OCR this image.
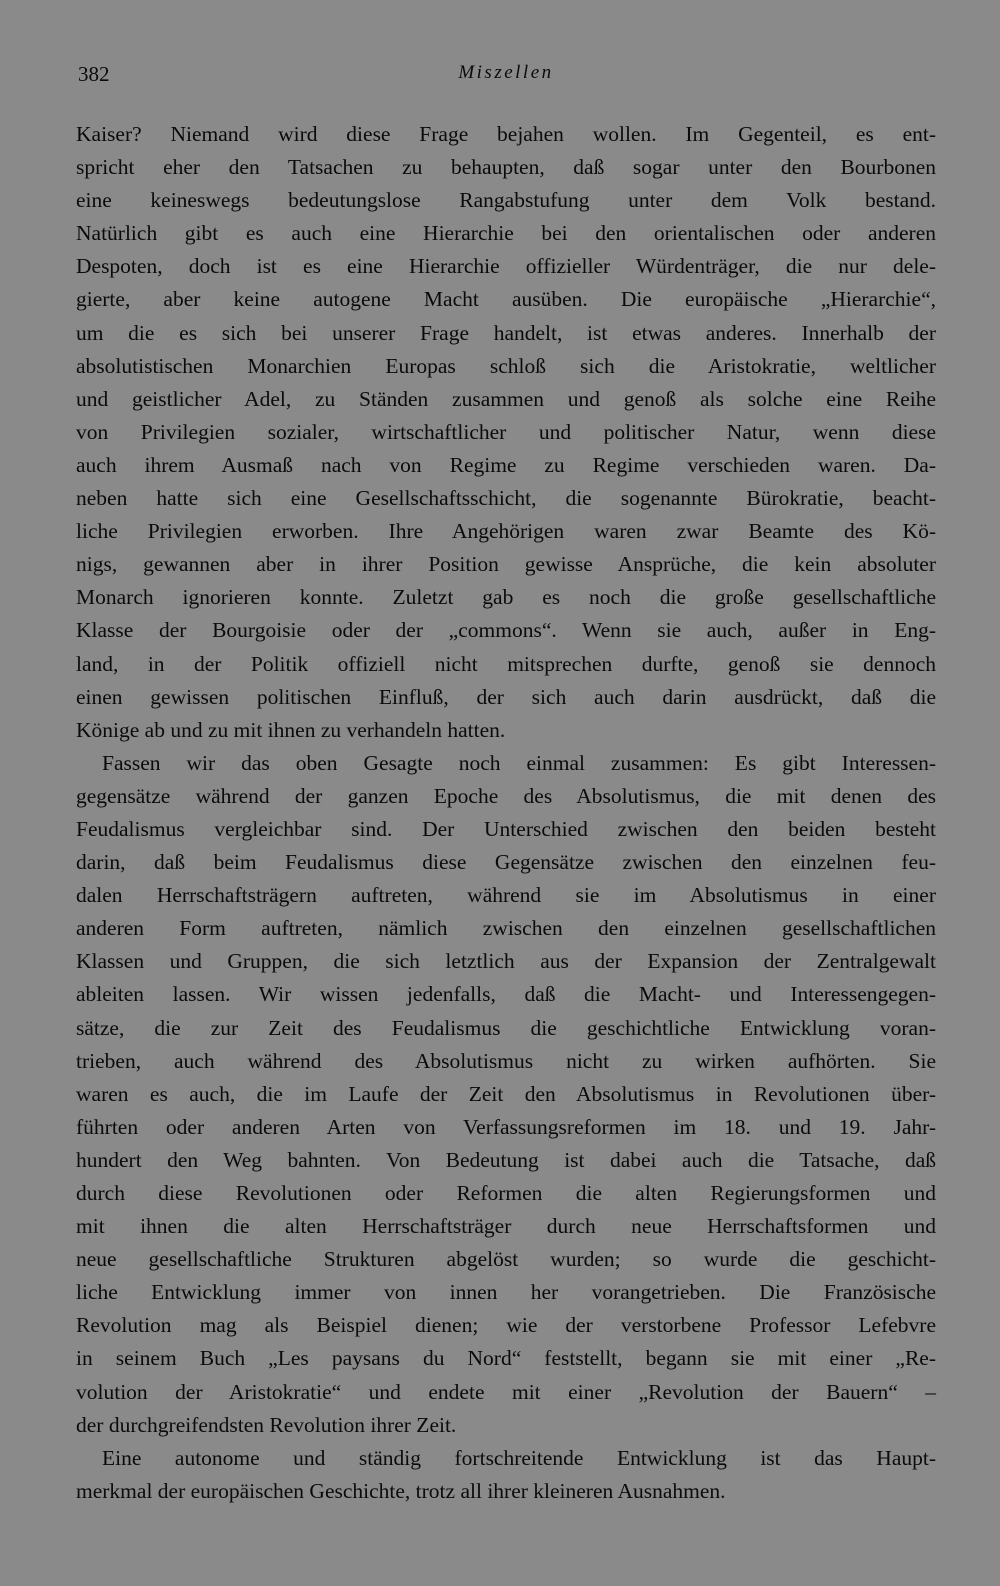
382	Miszellen
Kaiser? Niemand wird diese Frage bejahen wollen. Im Gegenteil, es ent-
spricht eher den Tatsachen zu behaupten, daß sogar unter den Bourbonen
eine keineswegs bedeutungslose Rangabstufung unter dem Volk bestand.
Natürlich gibt es auch eine Hierarchie bei den orientalischen oder anderen
Despoten, doch ist es eine Hierarchie offizieller Würdenträger, die nur dele-
gierte, aber keine autogene Macht ausüben. Die europäische „Hierarchie“,
um die es sich bei unserer Frage handelt, ist etwas anderes. Innerhalb der
absolutistischen Monarchien Europas schloß sich die Aristokratie, weltlicher
und geistlicher Adel, zu Ständen zusammen und genoß als solche eine Reihe
von Privilegien sozialer, wirtschaftlicher und politischer Natur, wenn diese
auch ihrem Ausmaß nach von Regime zu Regime verschieden waren. Da-
neben hatte sich eine Gesellschaftsschicht, die sogenannte Bürokratie, beacht-
liche Privilegien erworben. Ihre Angehörigen waren zwar Beamte des Kö-
nigs, gewannen aber in ihrer Position gewisse Ansprüche, die kein absoluter
Monarch ignorieren konnte. Zuletzt gab es noch die große gesellschaftliche
Klasse der Bourgoisie oder der „commons“. Wenn sie auch, außer in Eng-
land, in der Politik offiziell nicht mitsprechen durfte, genoß sie dennoch
einen gewissen politischen Einfluß, der sich auch darin ausdrückt, daß die
Könige ab und zu mit ihnen zu verhandeln hatten.
Fassen wir das oben Gesagte noch einmal zusammen: Es gibt Interessen-
gegensätze während der ganzen Epoche des Absolutismus, die mit denen des
Feudalismus vergleichbar sind. Der Unterschied zwischen den beiden besteht
darin, daß beim Feudalismus diese Gegensätze zwischen den einzelnen feu-
dalen Herrschaftsträgern auftreten, während sie im Absolutismus in einer
anderen Form auftreten, nämlich zwischen den einzelnen gesellschaftlichen
Klassen und Gruppen, die sich letztlich aus der Expansion der Zentralgewalt
ableiten lassen. Wir wissen jedenfalls, daß die Macht- und Interessengegen-
sätze, die zur Zeit des Feudalismus die geschichtliche Entwicklung voran-
trieben, auch während des Absolutismus nicht zu wirken aufhörten. Sie
waren es auch, die im Laufe der Zeit den Absolutismus in Revolutionen über-
führten oder anderen Arten von Verfassungsreformen im 18. und 19. Jahr-
hundert den Weg bahnten. Von Bedeutung ist dabei auch die Tatsache, daß
durch diese Revolutionen oder Reformen die alten Regierungsformen und
mit ihnen die alten Herrschaftsträger durch neue Herrschaftsformen und
neue gesellschaftliche Strukturen abgelöst wurden; so wurde die geschicht-
liche Entwicklung immer von innen her vorangetrieben. Die Französische
Revolution mag als Beispiel dienen; wie der verstorbene Professor Lefebvre
in seinem Buch „Les paysans du Nord“ feststellt, begann sie mit einer „Re-
volution der Aristokratie“ und endete mit einer „Revolution der Bauern“ –
der durchgreifendsten Revolution ihrer Zeit.
Eine autonome und ständig fortschreitende Entwicklung ist das Haupt-
merkmal der europäischen Geschichte, trotz all ihrer kleineren Ausnahmen.
